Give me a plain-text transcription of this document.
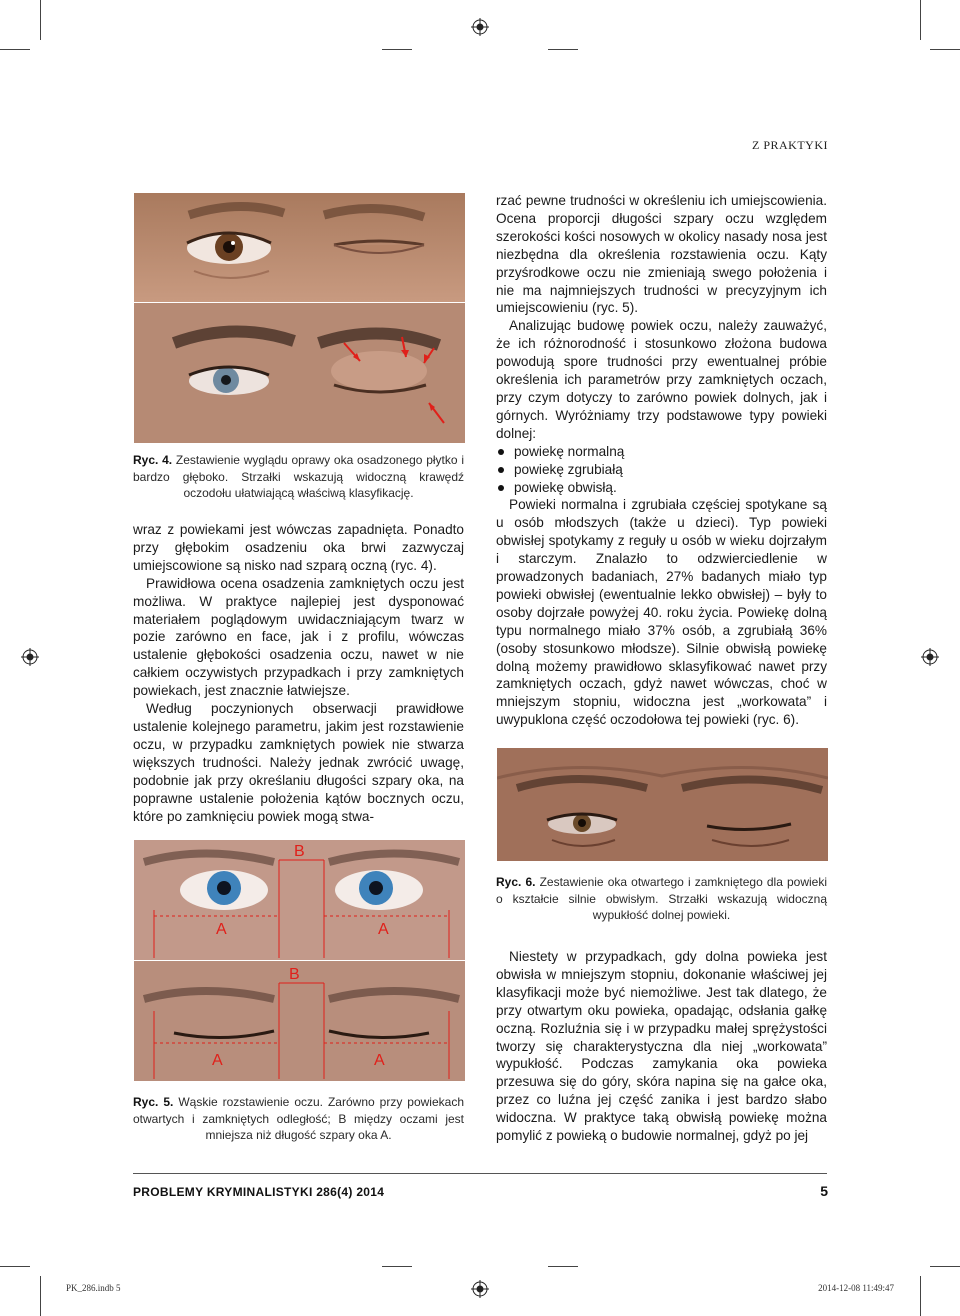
Z PRAKTYKI
Ryc. 4. Zestawienie wyglądu oprawy oka osadzonego płytko i bardzo głęboko. Strzałki wskazują widoczną krawędź oczodołu ułatwiającą właściwą klasyfikację.

wraz z powiekami jest wówczas zapadnięta. Ponadto przy głębokim osadzeniu oka brwi zazwyczaj umiejscowione są nisko nad szparą oczną (ryc. 4).

Prawidłowa ocena osadzenia zamkniętych oczu jest możliwa. W praktyce najlepiej jest dysponować materiałem poglądowym uwidaczniającym twarz w pozie zarówno en face, jak i z profilu, wówczas ustalenie głębokości osadzenia oczu, nawet w nie całkiem oczywistych przypadkach i przy zamkniętych powiekach, jest znacznie łatwiejsze.

Według poczynionych obserwacji prawidłowe ustalenie kolejnego parametru, jakim jest rozstawienie oczu, w przypadku zamkniętych powiek nie stwarza większych trudności. Należy jednak zwrócić uwagę, podobnie jak przy określaniu długości szpary oka, na poprawne ustalenie położenia kątów bocznych oczu, które po zamknięciu powiek mogą stwa-

rzać pewne trudności w określeniu ich umiejscowienia. Ocena proporcji długości szpary oczu względem szerokości kości nosowych w okolicy nasady nosa jest niezbędna dla określenia rozstawienia oczu. Kąty przyśrodkowe oczu nie zmieniają swego położenia i nie ma najmniejszych trudności w precyzyjnym ich umiejscowieniu (ryc. 5).

Analizując budowę powiek oczu, należy zauważyć, że ich różnorodność i stosunkowo złożona budowa powodują spore trudności przy ewentualnej próbie określenia ich parametrów przy zamkniętych oczach, przy czym dotyczy to zarówno powiek dolnych, jak i górnych. Wyróżniamy trzy podstawowe typy powieki dolnej:

powiekę normalną
powiekę zgrubiałą
powiekę obwisłą.

Powieki normalna i zgrubiała częściej spotykane są u osób młodszych (także u dzieci). Typ powieki obwisłej spotykamy z reguły u osób w wieku dojrzałym i starczym. Znalazło to odzwierciedlenie w prowadzonych badaniach, 27% badanych miało typ powieki obwisłej (ewentualnie lekko obwisłej) – były to osoby dojrzałe powyżej 40. roku życia. Powiekę dolną typu normalnego miało 37% osób, a zgrubiałą 36% (osoby stosunkowo młodsze). Silnie obwisłą powiekę dolną możemy prawidłowo sklasyfikować nawet przy zamkniętych oczach, gdyż nawet wówczas, choć w mniejszym stopniu, widoczna jest „workowata” i uwypuklona część oczodołowa tej powieki (ryc. 6).

Ryc. 6. Zestawienie oka otwartego i zamkniętego dla powieki o kształcie silnie obwisłym. Strzałki wskazują widoczną wypukłość dolnej powieki.
B
A	A
B
A	A
Ryc. 5. Wąskie rozstawienie oczu. Zarówno przy powiekach otwartych i zamkniętych odległość; B między oczami jest mniejsza niż długość szpary oka A.

Niestety w przypadkach, gdy dolna powieka jest obwisła w mniejszym stopniu, dokonanie właściwej jej klasyfikacji może być niemożliwe. Jest tak dlatego, że przy otwartym oku powieka, opadając, odsłania gałkę oczną. Rozluźnia się i w przypadku małej sprężystości tworzy się charakterystyczna dla niej „workowata” wypukłość. Podczas zamykania oka powieka przesuwa się do góry, skóra napina się na gałce oka, przez co luźna jej część zanika i jest bardzo słabo widoczna. W praktyce taką obwisłą powiekę można pomylić z powieką o budowie normalnej, gdyż po jej

PROBLEMY KRYMINALISTYKI 286(4) 2014	5
PK_286.indb 5	2014-12-08 11:49:47
